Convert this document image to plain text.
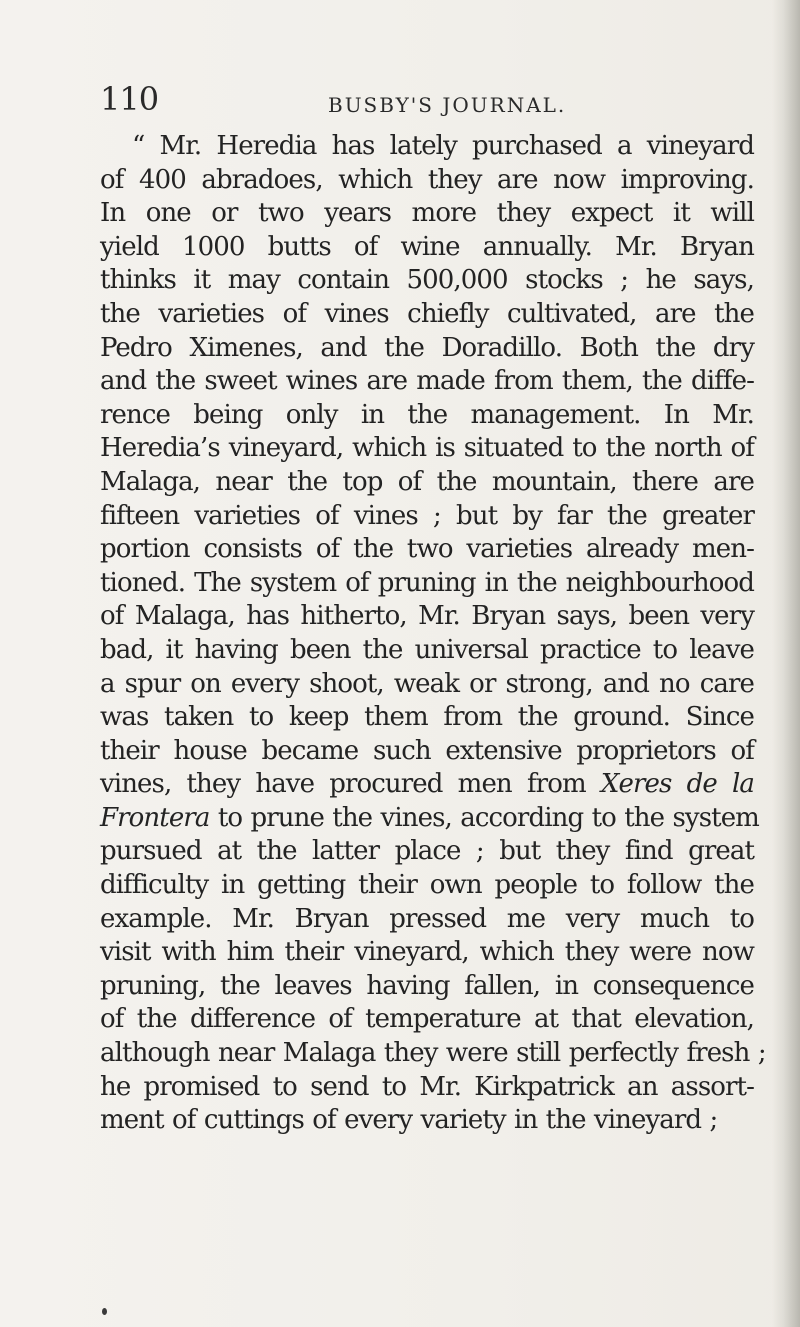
110	BUSBY'S JOURNAL.
“ Mr. Heredia has lately purchased a vineyard
of 400 abradoes, which they are now improving.
In one or two years more they expect it will
yield 1000 butts of wine annually. Mr. Bryan
thinks it may contain 500,000 stocks ; he says,
the varieties of vines chiefly cultivated, are the
Pedro Ximenes, and the Doradillo. Both the dry
and the sweet wines are made from them, the diffe-
rence being only in the management. In Mr.
Heredia’s vineyard, which is situated to the north of
Malaga, near the top of the mountain, there are
fifteen varieties of vines ; but by far the greater
portion consists of the two varieties already men-
tioned. The system of pruning in the neighbourhood
of Malaga, has hitherto, Mr. Bryan says, been very
bad, it having been the universal practice to leave
a spur on every shoot, weak or strong, and no care
was taken to keep them from the ground. Since
their house became such extensive proprietors of
vines, they have procured men from Xeres de la
Frontera to prune the vines, according to the system
pursued at the latter place ; but they find great
difficulty in getting their own people to follow the
example. Mr. Bryan pressed me very much to
visit with him their vineyard, which they were now
pruning, the leaves having fallen, in consequence
of the difference of temperature at that elevation,
although near Malaga they were still perfectly fresh ;
he promised to send to Mr. Kirkpatrick an assort-
ment of cuttings of every variety in the vineyard ;
